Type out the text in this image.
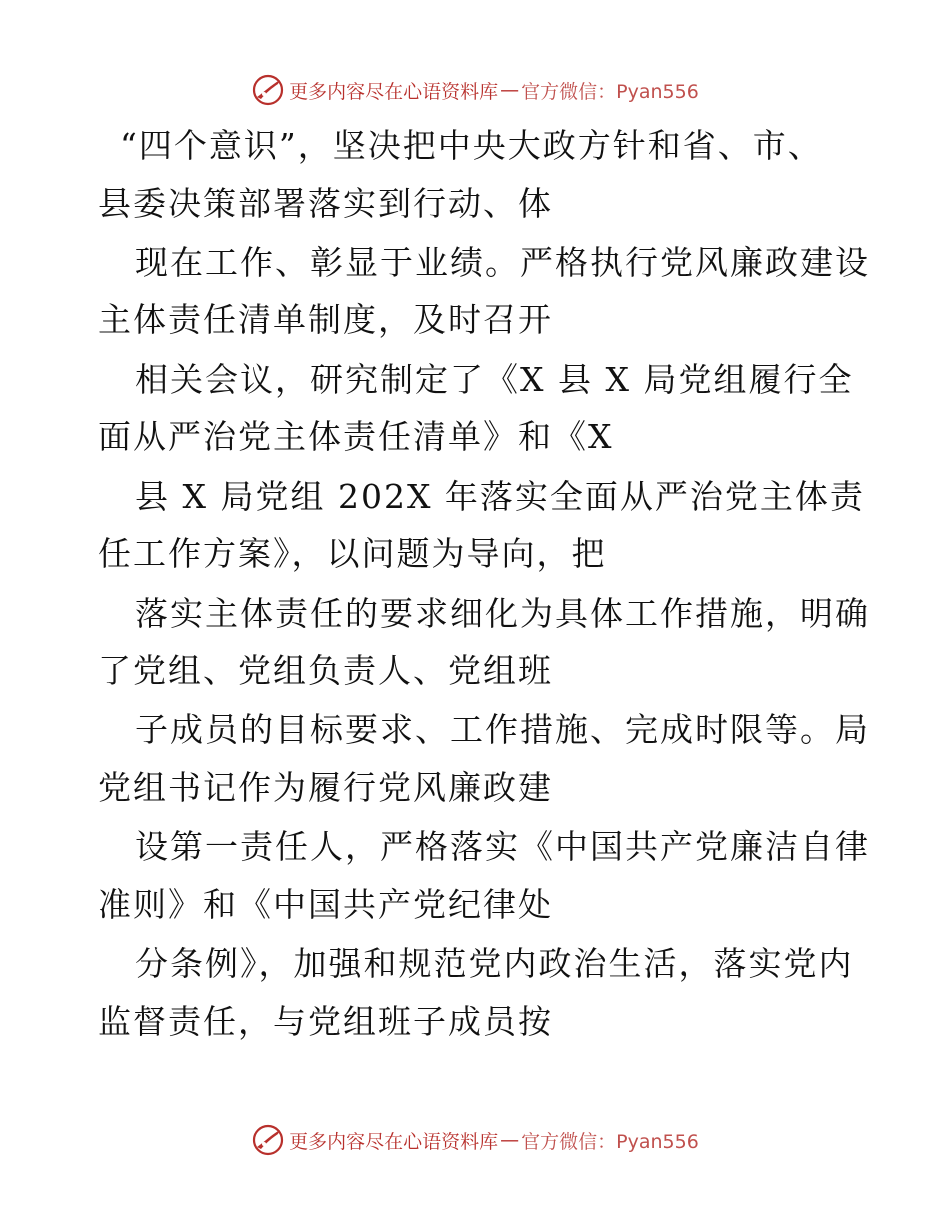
更多内容尽在心语资料库 — 官方微信：Pyan556
“四个意识”，坚决把中央大政方针和省、市、
县委决策部署落实到行动、体
现在工作、彰显于业绩。严格执行党风廉政建设
主体责任清单制度，及时召开
相关会议，研究制定了《X 县 X 局党组履行全
面从严治党主体责任清单》和《X
县 X 局党组 202X 年落实全面从严治党主体责
任工作方案》，以问题为导向，把
落实主体责任的要求细化为具体工作措施，明确
了党组、党组负责人、党组班
子成员的目标要求、工作措施、完成时限等。局
党组书记作为履行党风廉政建
设第一责任人，严格落实《中国共产党廉洁自律
准则》和《中国共产党纪律处
分条例》，加强和规范党内政治生活，落实党内
监督责任，与党组班子成员按
更多内容尽在心语资料库 — 官方微信：Pyan556
